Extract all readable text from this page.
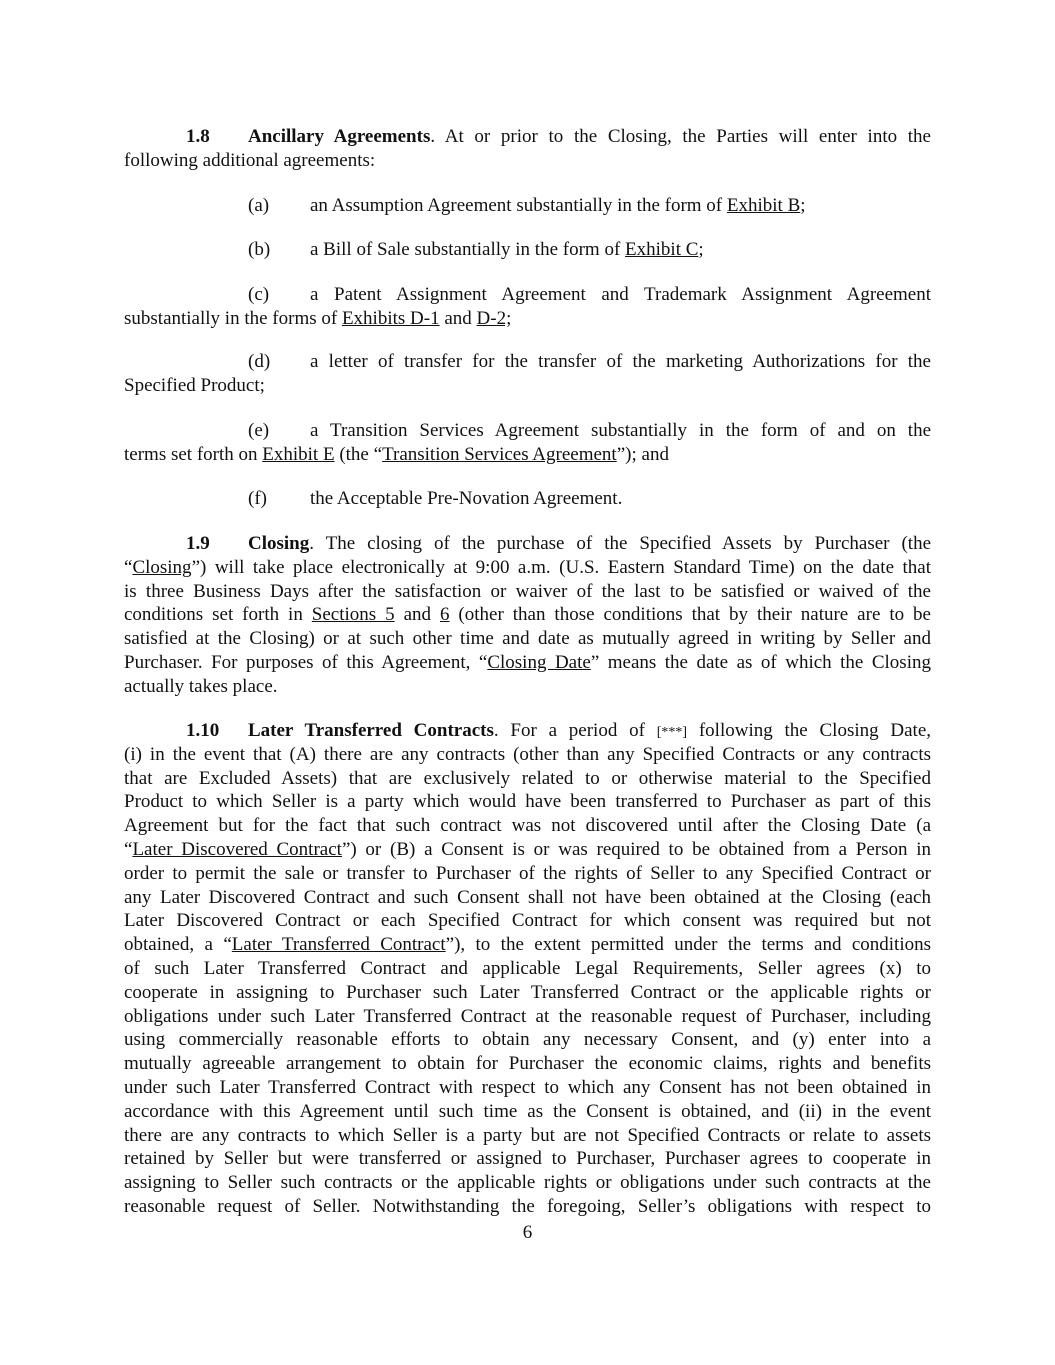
1.8 Ancillary Agreements. At or prior to the Closing, the Parties will enter into the
following additional agreements:
(a) an Assumption Agreement substantially in the form of Exhibit B;
(b) a Bill of Sale substantially in the form of Exhibit C;
(c) a Patent Assignment Agreement and Trademark Assignment Agreement
substantially in the forms of Exhibits D-1 and D-2;
(d) a letter of transfer for the transfer of the marketing Authorizations for the
Specified Product;
(e) a Transition Services Agreement substantially in the form of and on the
terms set forth on Exhibit E (the “Transition Services Agreement”); and
(f) the Acceptable Pre-Novation Agreement.
1.9 Closing. The closing of the purchase of the Specified Assets by Purchaser (the
“Closing”) will take place electronically at 9:00 a.m. (U.S. Eastern Standard Time) on the date that
is three Business Days after the satisfaction or waiver of the last to be satisfied or waived of the
conditions set forth in Sections 5 and 6 (other than those conditions that by their nature are to be
satisfied at the Closing) or at such other time and date as mutually agreed in writing by Seller and
Purchaser. For purposes of this Agreement, “Closing Date” means the date as of which the Closing
actually takes place.
1.10 Later Transferred Contracts. For a period of [***] following the Closing Date,
(i) in the event that (A) there are any contracts (other than any Specified Contracts or any contracts
that are Excluded Assets) that are exclusively related to or otherwise material to the Specified
Product to which Seller is a party which would have been transferred to Purchaser as part of this
Agreement but for the fact that such contract was not discovered until after the Closing Date (a
“Later Discovered Contract”) or (B) a Consent is or was required to be obtained from a Person in
order to permit the sale or transfer to Purchaser of the rights of Seller to any Specified Contract or
any Later Discovered Contract and such Consent shall not have been obtained at the Closing (each
Later Discovered Contract or each Specified Contract for which consent was required but not
obtained, a “Later Transferred Contract”), to the extent permitted under the terms and conditions
of such Later Transferred Contract and applicable Legal Requirements, Seller agrees (x) to
cooperate in assigning to Purchaser such Later Transferred Contract or the applicable rights or
obligations under such Later Transferred Contract at the reasonable request of Purchaser, including
using commercially reasonable efforts to obtain any necessary Consent, and (y) enter into a
mutually agreeable arrangement to obtain for Purchaser the economic claims, rights and benefits
under such Later Transferred Contract with respect to which any Consent has not been obtained in
accordance with this Agreement until such time as the Consent is obtained, and (ii) in the event
there are any contracts to which Seller is a party but are not Specified Contracts or relate to assets
retained by Seller but were transferred or assigned to Purchaser, Purchaser agrees to cooperate in
assigning to Seller such contracts or the applicable rights or obligations under such contracts at the
reasonable request of Seller. Notwithstanding the foregoing, Seller’s obligations with respect to
6
